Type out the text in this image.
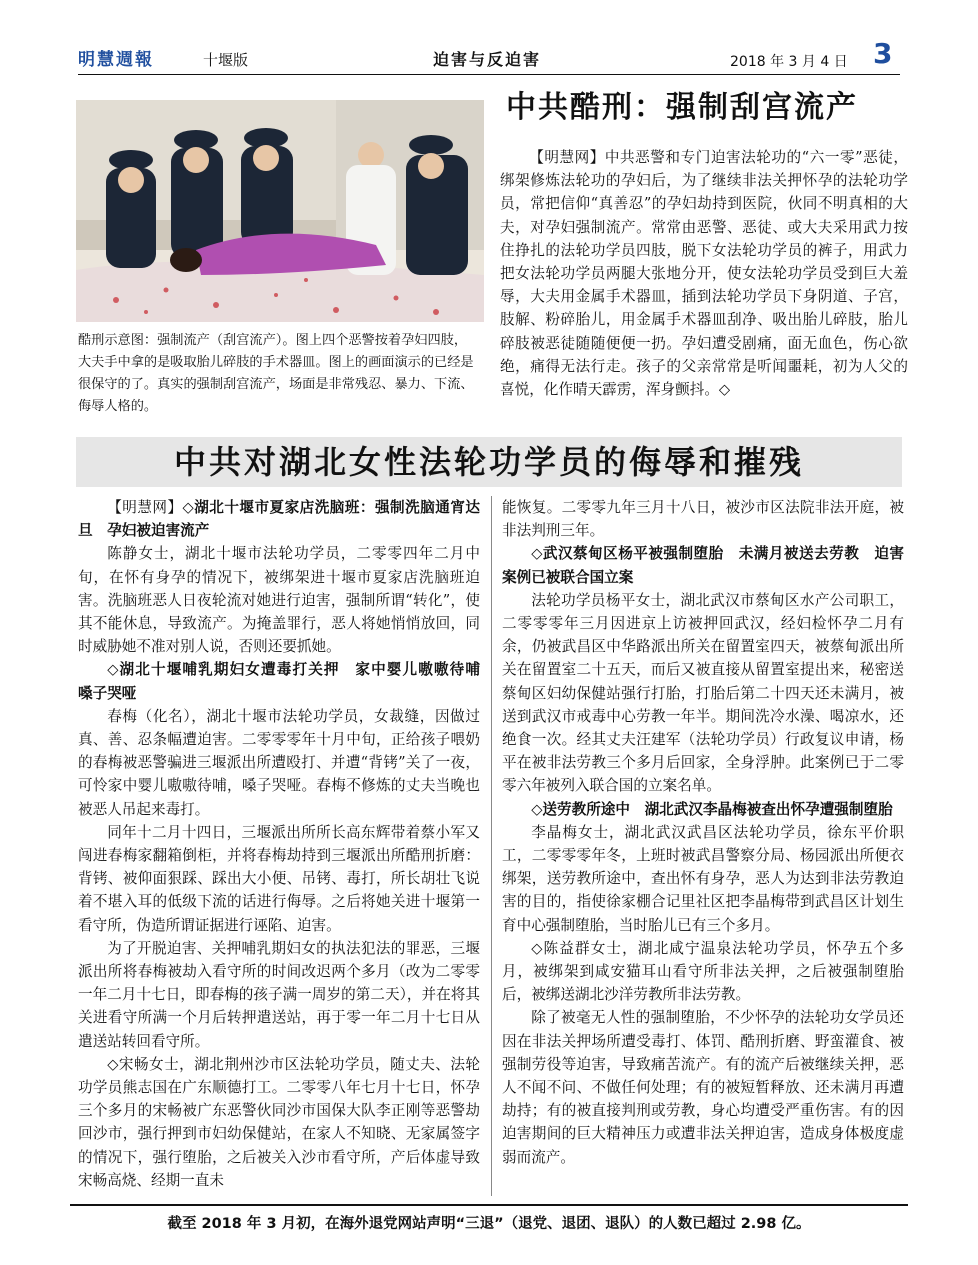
明慧週報	十堰版	迫害与反迫害	2018 年 3 月 4 日 3
酷刑示意图：强制流产（刮宫流产）。图上四个恶警按着孕妇四肢，大夫手中拿的是吸取胎儿碎肢的手术器皿。图上的画面演示的已经是很保守的了。真实的强制刮宫流产，场面是非常残忍、暴力、下流、侮辱人格的。
中共酷刑：强制刮宫流产
【明慧网】中共恶警和专门迫害法轮功的“六一零”恶徒，绑架修炼法轮功的孕妇后，为了继续非法关押怀孕的法轮功学员，常把信仰“真善忍”的孕妇劫持到医院，伙同不明真相的大夫，对孕妇强制流产。常常由恶警、恶徒、或大夫采用武力按住挣扎的法轮功学员四肢，脱下女法轮功学员的裤子，用武力把女法轮功学员两腿大张地分开，使女法轮功学员受到巨大羞辱，大夫用金属手术器皿，插到法轮功学员下身阴道、子宫，肢解、粉碎胎儿，用金属手术器皿刮净、吸出胎儿碎肢，胎儿碎肢被恶徒随随便便一扔。孕妇遭受剧痛，面无血色，伤心欲绝，痛得无法行走。孩子的父亲常常是听闻噩耗，初为人父的喜悦，化作晴天霹雳，浑身颤抖。◇
中共对湖北女性法轮功学员的侮辱和摧残

【明慧网】◇湖北十堰市夏家店洗脑班：强制洗脑通宵达旦　孕妇被迫害流产

陈静女士，湖北十堰市法轮功学员，二零零四年二月中旬，在怀有身孕的情况下，被绑架进十堰市夏家店洗脑班迫害。洗脑班恶人日夜轮流对她进行迫害，强制所谓“转化”，使其不能休息，导致流产。为掩盖罪行，恶人将她悄悄放回，同时威胁她不准对别人说，否则还要抓她。

◇湖北十堰哺乳期妇女遭毒打关押　家中婴儿嗷嗷待哺　嗓子哭哑

春梅（化名），湖北十堰市法轮功学员，女裁缝，因做过真、善、忍条幅遭迫害。二零零零年十月中旬，正给孩子喂奶的春梅被恶警骗进三堰派出所遭殴打、并遭“背铐”关了一夜，可怜家中婴儿嗷嗷待哺，嗓子哭哑。春梅不修炼的丈夫当晚也被恶人吊起来毒打。

同年十二月十四日，三堰派出所所长高东辉带着蔡小军又闯进春梅家翻箱倒柜，并将春梅劫持到三堰派出所酷刑折磨：背铐、被仰面狠踩、踩出大小便、吊铐、毒打，所长胡壮飞说着不堪入耳的低级下流的话进行侮辱。之后将她关进十堰第一看守所，伪造所谓证据进行诬陷、迫害。

为了开脱迫害、关押哺乳期妇女的执法犯法的罪恶，三堰派出所将春梅被劫入看守所的时间改迟两个多月（改为二零零一年二月十七日，即春梅的孩子满一周岁的第二天），并在将其关进看守所满一个月后转押遣送站，再于零一年二月十七日从遣送站转回看守所。

◇宋畅女士，湖北荆州沙市区法轮功学员，随丈夫、法轮功学员熊志国在广东顺德打工。二零零八年七月十七日，怀孕三个多月的宋畅被广东恶警伙同沙市国保大队李正刚等恶警劫回沙市，强行押到市妇幼保健站，在家人不知晓、无家属签字的情况下，强行堕胎，之后被关入沙市看守所，产后体虚导致宋畅高烧、经期一直未

能恢复。二零零九年三月十八日，被沙市区法院非法开庭，被非法判刑三年。

◇武汉蔡甸区杨平被强制堕胎　未满月被送去劳教　迫害案例已被联合国立案

法轮功学员杨平女士，湖北武汉市蔡甸区水产公司职工，二零零零年三月因进京上访被押回武汉，经妇检怀孕二月有余，仍被武昌区中华路派出所关在留置室四天，被蔡甸派出所关在留置室二十五天，而后又被直接从留置室提出来，秘密送蔡甸区妇幼保健站强行打胎，打胎后第二十四天还未满月，被送到武汉市戒毒中心劳教一年半。期间洗冷水澡、喝凉水，还绝食一次。经其丈夫汪建军（法轮功学员）行政复议申请，杨平在被非法劳教三个多月后回家，全身浮肿。此案例已于二零零六年被列入联合国的立案名单。

◇送劳教所途中　湖北武汉李晶梅被查出怀孕遭强制堕胎

李晶梅女士，湖北武汉武昌区法轮功学员，徐东平价职工，二零零零年冬，上班时被武昌警察分局、杨园派出所便衣绑架，送劳教所途中，查出怀有身孕，恶人为达到非法劳教迫害的目的，指使徐家棚合记里社区把李晶梅带到武昌区计划生育中心强制堕胎，当时胎儿已有三个多月。

◇陈益群女士，湖北咸宁温泉法轮功学员，怀孕五个多月，被绑架到咸安猫耳山看守所非法关押，之后被强制堕胎后，被绑送湖北沙洋劳教所非法劳教。

除了被毫无人性的强制堕胎，不少怀孕的法轮功女学员还因在非法关押场所遭受毒打、体罚、酷刑折磨、野蛮灌食、被强制劳役等迫害，导致痛苦流产。有的流产后被继续关押，恶人不闻不问、不做任何处理；有的被短暂释放、还未满月再遭劫持；有的被直接判刑或劳教，身心均遭受严重伤害。有的因迫害期间的巨大精神压力或遭非法关押迫害，造成身体极度虚弱而流产。

截至 2018 年 3 月初，在海外退党网站声明“三退”（退党、退团、退队）的人数已超过 2.98 亿。
